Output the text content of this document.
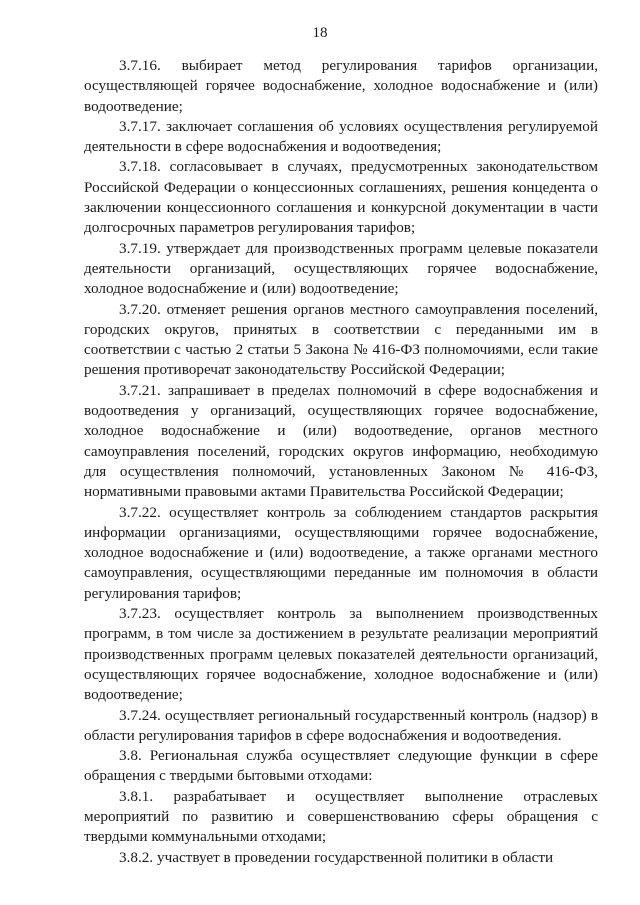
18

3.7.16. выбирает метод регулирования тарифов организации, осуществляющей горячее водоснабжение, холодное водоснабжение и (или) водоотведение;

3.7.17. заключает соглашения об условиях осуществления регулируемой деятельности в сфере водоснабжения и водоотведения;

3.7.18. согласовывает в случаях, предусмотренных законодательством Российской Федерации о концессионных соглашениях, решения концедента о заключении концессионного соглашения и конкурсной документации в части долгосрочных параметров регулирования тарифов;

3.7.19. утверждает для производственных программ целевые показатели деятельности организаций, осуществляющих горячее водоснабжение, холодное водоснабжение и (или) водоотведение;

3.7.20. отменяет решения органов местного самоуправления поселений, городских округов, принятых в соответствии с переданными им в соответствии с частью 2 статьи 5 Закона № 416-ФЗ полномочиями, если такие решения противоречат законодательству Российской Федерации;

3.7.21. запрашивает в пределах полномочий в сфере водоснабжения и водоотведения у организаций, осуществляющих горячее водоснабжение, холодное водоснабжение и (или) водоотведение, органов местного самоуправления поселений, городских округов информацию, необходимую для осуществления полномочий, установленных Законом № 416-ФЗ, нормативными правовыми актами Правительства Российской Федерации;

3.7.22. осуществляет контроль за соблюдением стандартов раскрытия информации организациями, осуществляющими горячее водоснабжение, холодное водоснабжение и (или) водоотведение, а также органами местного самоуправления, осуществляющими переданные им полномочия в области регулирования тарифов;

3.7.23. осуществляет контроль за выполнением производственных программ, в том числе за достижением в результате реализации мероприятий производственных программ целевых показателей деятельности организаций, осуществляющих горячее водоснабжение, холодное водоснабжение и (или) водоотведение;

3.7.24. осуществляет региональный государственный контроль (надзор) в области регулирования тарифов в сфере водоснабжения и водоотведения.

3.8. Региональная служба осуществляет следующие функции в сфере обращения с твердыми бытовыми отходами:

3.8.1. разрабатывает и осуществляет выполнение отраслевых мероприятий по развитию и совершенствованию сферы обращения с твердыми коммунальными отходами;

3.8.2. участвует в проведении государственной политики в области
